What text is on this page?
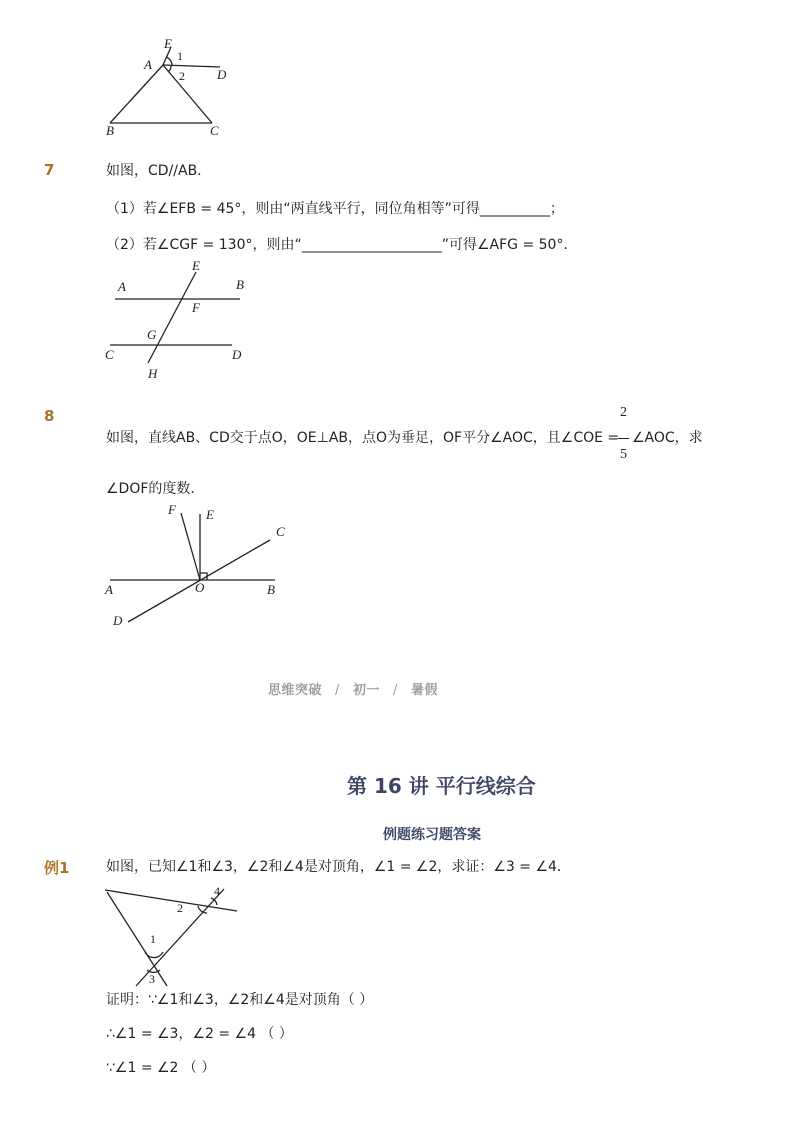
E
A
1
2 D
B	C
7	如图，CD//AB．
（1）若∠EFB = 45°，则由“两直线平行，同位角相等”可得__________；
（2）若∠CGF = 130°，则由“____________________”可得∠AFG = 50°．
E
A	B
F
G
C	D
H
8
如图，直线AB、CD交于点O，OE⊥AB，点O为垂足，OF平分∠AOC，且∠COE =
2
5
∠AOC，求
∠DOF的度数．
F E
C
A	O	B
D
思维突破 / 初一 / 暑假
第 16 讲 平行线综合
例题练习题答案
例1	如图，已知∠1和∠3，∠2和∠4是对顶角，∠1 = ∠2，求证：∠3 = ∠4．
4
2
1
3
证明：∵∠1和∠3，∠2和∠4是对顶角（ ）
∴∠1 = ∠3，∠2 = ∠4 （ ）
∵∠1 = ∠2 （ ）
